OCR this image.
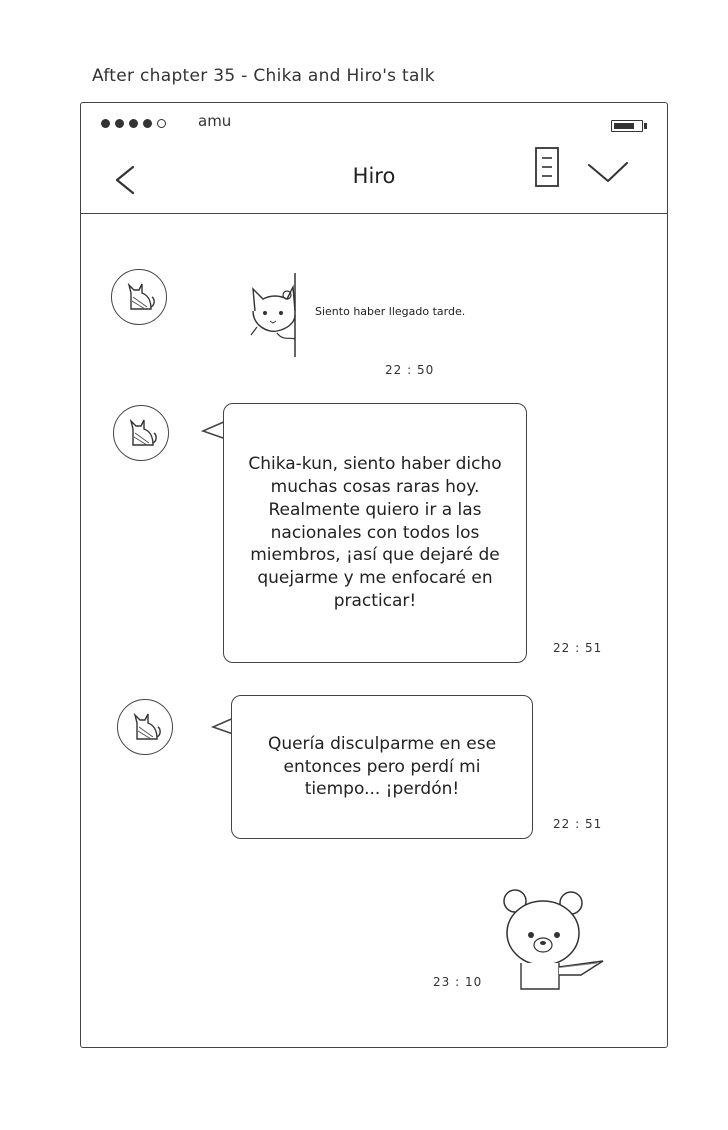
After chapter 35 - Chika and Hiro's talk
amu
Hiro
Siento haber llegado tarde.
22 : 50
Chika-kun, siento haber dicho muchas cosas raras hoy. Realmente quiero ir a las nacionales con todos los miembros, ¡así que dejaré de quejarme y me enfocaré en practicar!
22 : 51
Quería disculparme en ese entonces pero perdí mi tiempo... ¡perdón!
22 : 51
23 : 10
